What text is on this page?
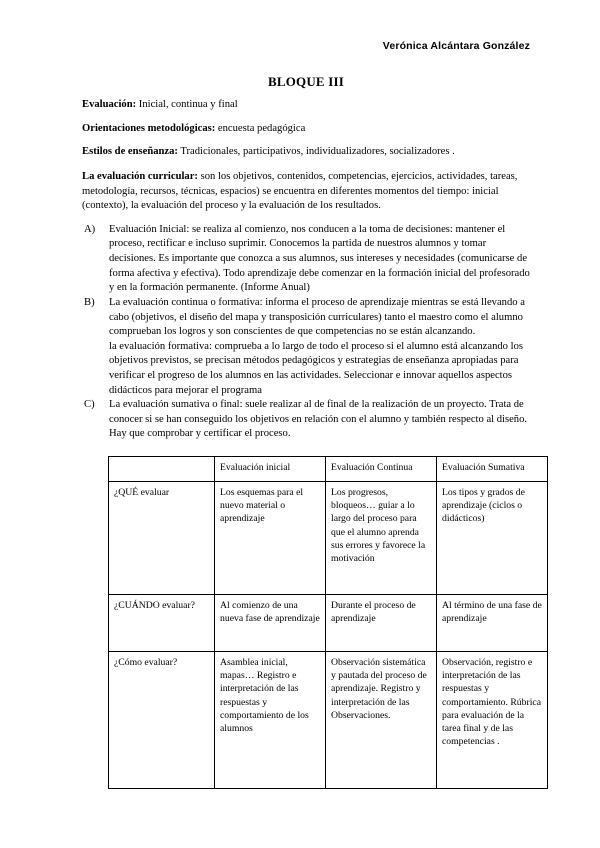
Verónica Alcántara González
BLOQUE III

Evaluación: Inicial, continua y final

Orientaciones metodológicas: encuesta pedagógica

Estilos de enseñanza: Tradicionales, participativos, individualizadores, socializadores .

La evaluación curricular: son los objetivos, contenidos, competencias, ejercicios, actividades, tareas, metodología, recursos, técnicas, espacios) se encuentra en diferentes momentos del tiempo: inicial (contexto), la evaluación del proceso y la evaluación de los resultados.

A)	Evaluación Inicial: se realiza al comienzo, nos conducen a la toma de decisiones: mantener el proceso, rectificar e incluso suprimir. Conocemos la partida de nuestros alumnos y tomar decisiones. Es importante que conozca a sus alumnos, sus intereses y necesidades (comunicarse de forma afectiva y efectiva). Todo aprendizaje debe comenzar en la formación inicial del profesorado y en la formación permanente. (Informe Anual)
B)	La evaluación continua o formativa: informa el proceso de aprendizaje mientras se está llevando a cabo (objetivos, el diseño del mapa y transposición curriculares) tanto el maestro como el alumno comprueban los logros y son conscientes de que competencias no se están alcanzando.
la evaluación formativa: comprueba a lo largo de todo el proceso si el alumno está alcanzando los objetivos previstos, se precisan métodos pedagógicos y estrategias de enseñanza apropiadas para verificar el progreso de los alumnos en las actividades. Seleccionar e innovar aquellos aspectos didácticos para mejorar el programa
C)	La evaluación sumativa o final: suele realizar al de final de la realización de un proyecto. Trata de conocer si se han conseguido los objetivos en relación con el alumno y también respecto al diseño. Hay que comprobar y certificar el proceso.
	Evaluación inicial	Evaluación Continua	Evaluación Sumativa
¿QUÉ evaluar	Los esquemas para el nuevo material o aprendizaje	Los progresos, bloqueos… guiar a lo largo del proceso para que el alumno aprenda sus errores y favorece la motivación	Los tipos y grados de aprendizaje (ciclos o didácticos)
¿CUÁNDO evaluar?	Al comienzo de una nueva fase de aprendizaje	Durante el proceso de aprendizaje	Al término de una fase de aprendizaje
¿Cómo evaluar?	Asamblea inicial, mapas… Registro e interpretación de las respuestas y comportamiento de los alumnos	Observación sistemática y pautada del proceso de aprendizaje. Registro y interpretación de las Observaciones.	Observación, registro e interpretación de las respuestas y comportamiento. Rúbrica para evaluación de la tarea final y de las competencias .
